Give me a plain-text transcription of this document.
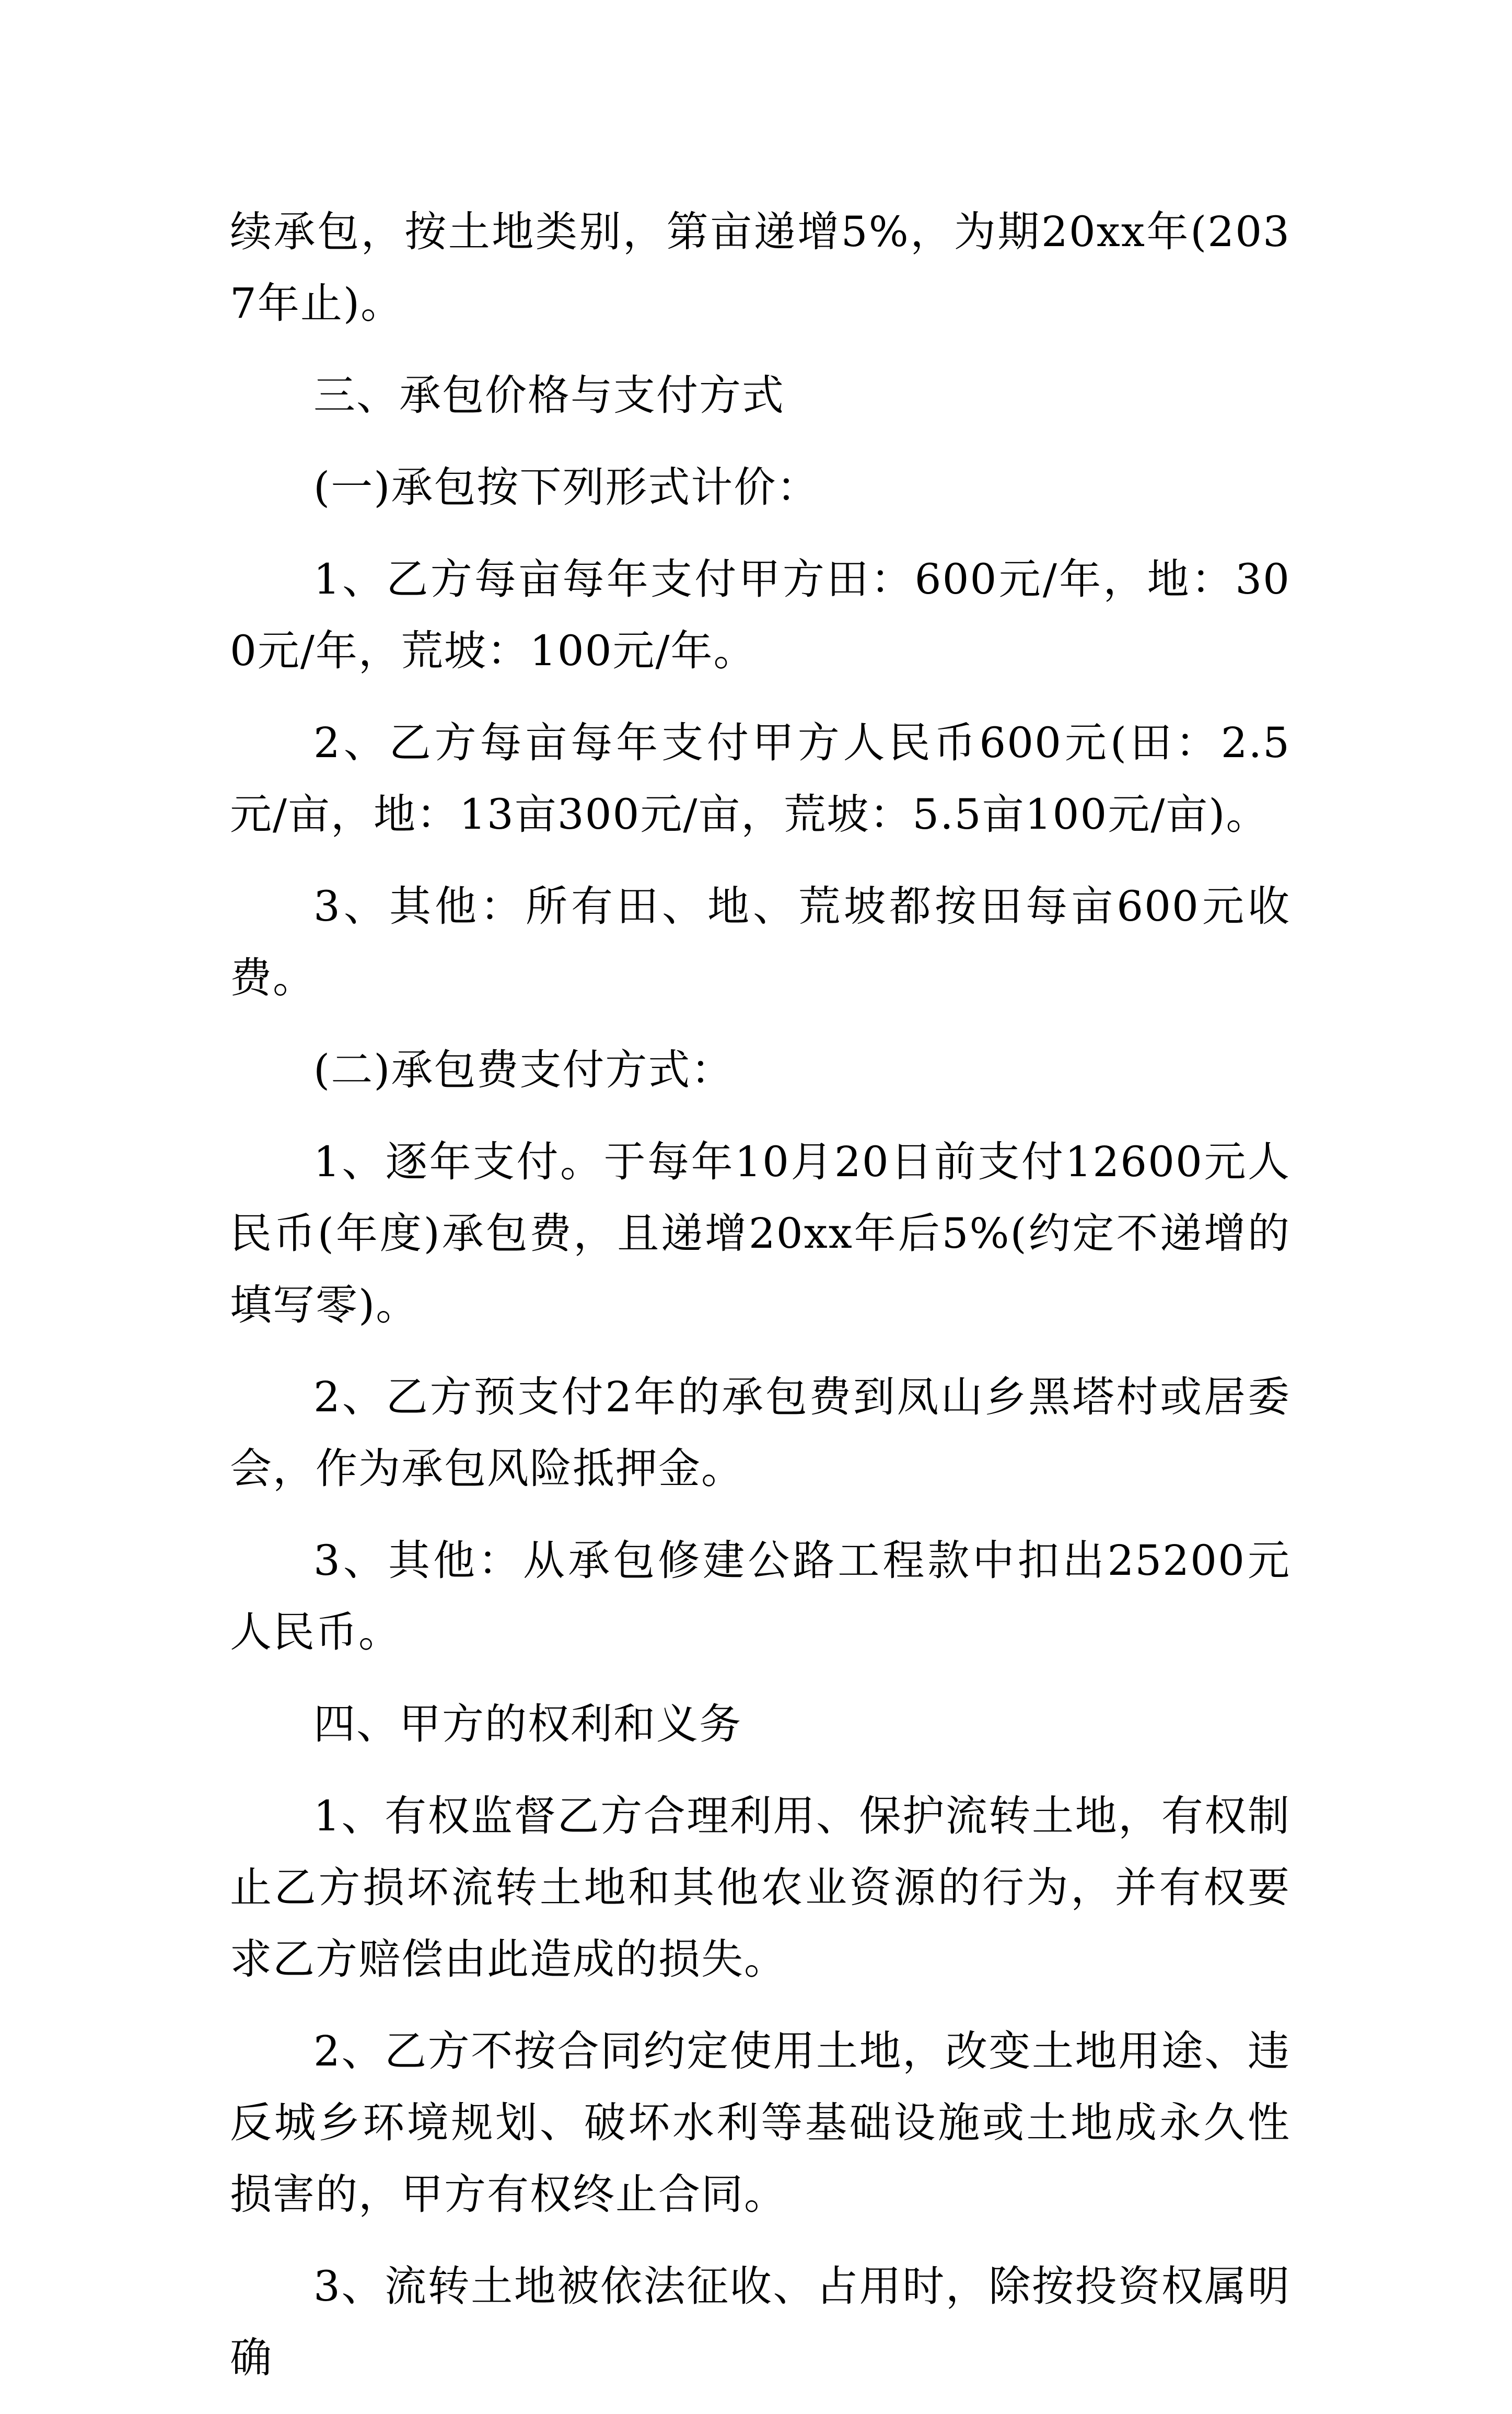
续承包，按土地类别，第亩递增5%，为期20xx年(2037年止)。

三、承包价格与支付方式

(一)承包按下列形式计价：

1、乙方每亩每年支付甲方田：600元/年，地：300元/年，荒坡：100元/年。

2、乙方每亩每年支付甲方人民币600元(田：2.5元/亩，地：13亩300元/亩，荒坡：5.5亩100元/亩)。

3、其他：所有田、地、荒坡都按田每亩600元收费。

(二)承包费支付方式：

1、逐年支付。于每年10月20日前支付12600元人民币(年度)承包费，且递增20xx年后5%(约定不递增的填写零)。

2、乙方预支付2年的承包费到凤山乡黑塔村或居委会，作为承包风险抵押金。

3、其他：从承包修建公路工程款中扣出25200元人民币。

四、甲方的权利和义务

1、有权监督乙方合理利用、保护流转土地，有权制止乙方损坏流转土地和其他农业资源的行为，并有权要求乙方赔偿由此造成的损失。

2、乙方不按合同约定使用土地，改变土地用途、违反城乡环境规划、破坏水利等基础设施或土地成永久性损害的，甲方有权终止合同。

3、流转土地被依法征收、占用时，除按投资权属明确
